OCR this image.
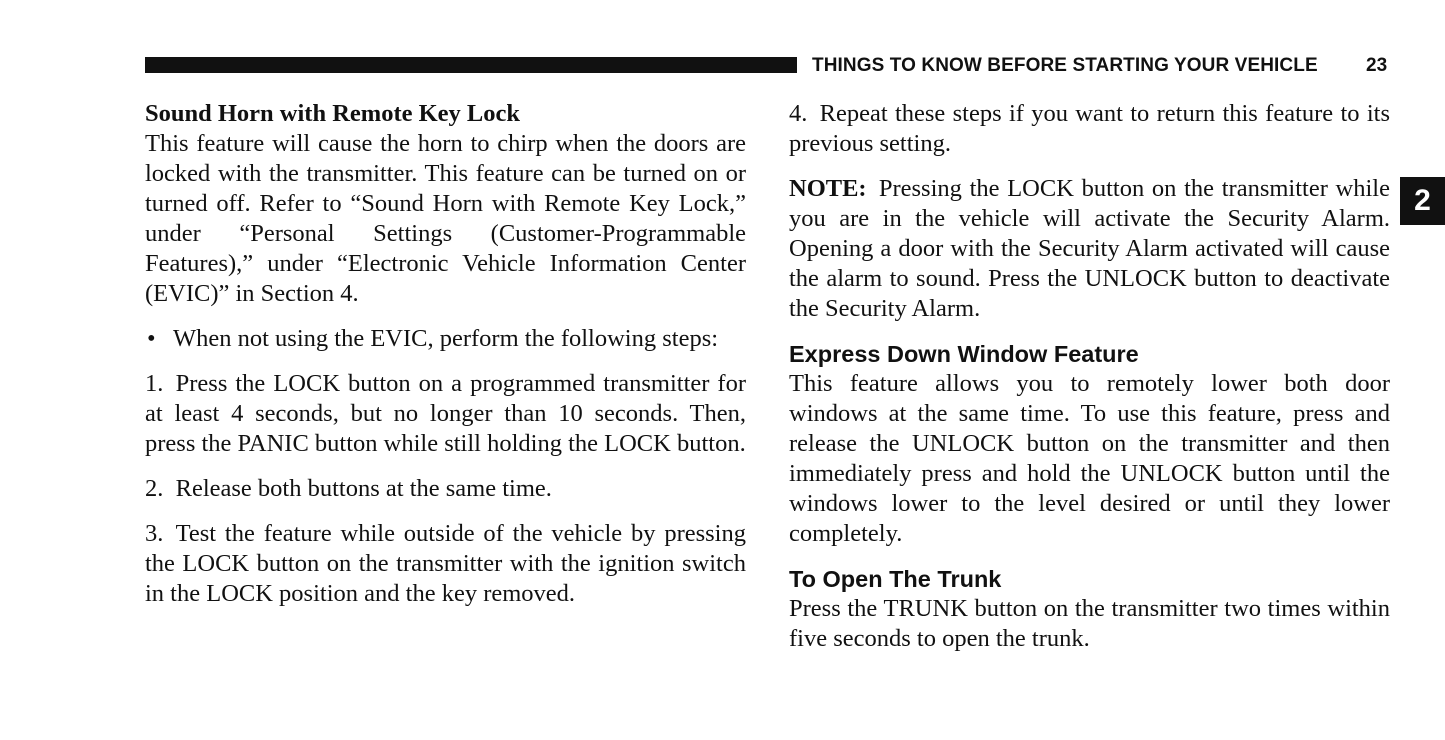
THINGS TO KNOW BEFORE STARTING YOUR VEHICLE	23
2
Sound Horn with Remote Key Lock

This feature will cause the horn to chirp when the doors are locked with the transmitter. This feature can be turned on or turned off. Refer to “Sound Horn with Remote Key Lock,” under “Personal Settings (Customer-Programmable Features),” under “Electronic Vehicle Information Center (EVIC)” in Section 4.

• When not using the EVIC, perform the following steps:

1. Press the LOCK button on a programmed transmitter for at least 4 seconds, but no longer than 10 seconds. Then, press the PANIC button while still holding the LOCK button.

2. Release both buttons at the same time.

3. Test the feature while outside of the vehicle by pressing the LOCK button on the transmitter with the ignition switch in the LOCK position and the key removed.

4. Repeat these steps if you want to return this feature to its previous setting.

NOTE: Pressing the LOCK button on the transmitter while you are in the vehicle will activate the Security Alarm. Opening a door with the Security Alarm activated will cause the alarm to sound. Press the UNLOCK button to deactivate the Security Alarm.

Express Down Window Feature

This feature allows you to remotely lower both door windows at the same time. To use this feature, press and release the UNLOCK button on the transmitter and then immediately press and hold the UNLOCK button until the windows lower to the level desired or until they lower completely.

To Open The Trunk

Press the TRUNK button on the transmitter two times within five seconds to open the trunk.
